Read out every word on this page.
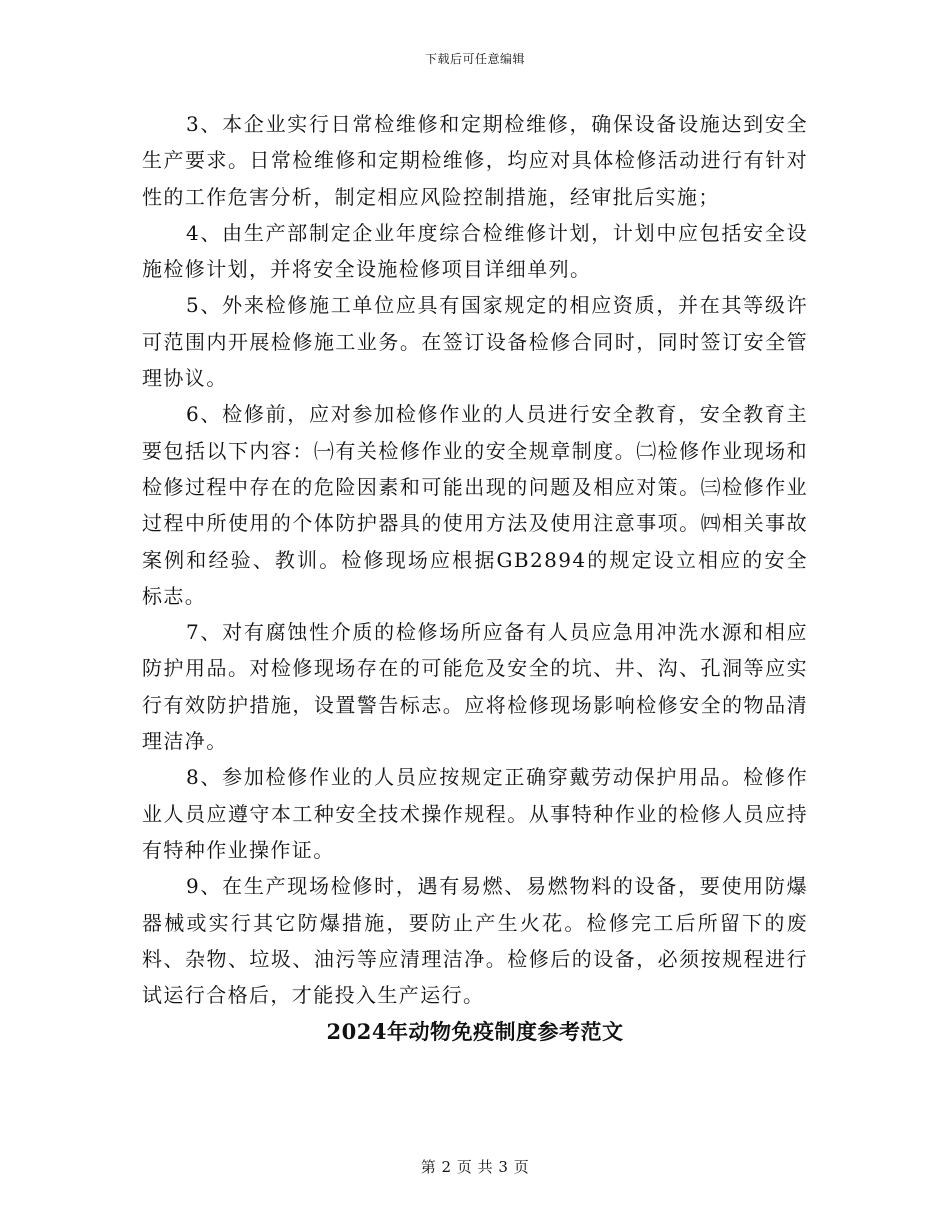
下载后可任意编辑

3、本企业实行日常检维修和定期检维修，确保设备设施达到安全生产要求。日常检维修和定期检维修，均应对具体检修活动进行有针对性的工作危害分析，制定相应风险控制措施，经审批后实施；

4、由生产部制定企业年度综合检维修计划，计划中应包括安全设施检修计划，并将安全设施检修项目详细单列。

5、外来检修施工单位应具有国家规定的相应资质，并在其等级许可范围内开展检修施工业务。在签订设备检修合同时，同时签订安全管理协议。

6、检修前，应对参加检修作业的人员进行安全教育，安全教育主要包括以下内容：㈠有关检修作业的安全规章制度。㈡检修作业现场和检修过程中存在的危险因素和可能出现的问题及相应对策。㈢检修作业过程中所使用的个体防护器具的使用方法及使用注意事项。㈣相关事故案例和经验、教训。检修现场应根据GB2894的规定设立相应的安全标志。

7、对有腐蚀性介质的检修场所应备有人员应急用冲洗水源和相应防护用品。对检修现场存在的可能危及安全的坑、井、沟、孔洞等应实行有效防护措施，设置警告标志。应将检修现场影响检修安全的物品清理洁净。

8、参加检修作业的人员应按规定正确穿戴劳动保护用品。检修作业人员应遵守本工种安全技术操作规程。从事特种作业的检修人员应持有特种作业操作证。

9、在生产现场检修时，遇有易燃、易燃物料的设备，要使用防爆器械或实行其它防爆措施，要防止产生火花。检修完工后所留下的废料、杂物、垃圾、油污等应清理洁净。检修后的设备，必须按规程进行试运行合格后，才能投入生产运行。

2024年动物免疫制度参考范文
第 2 页 共 3 页
